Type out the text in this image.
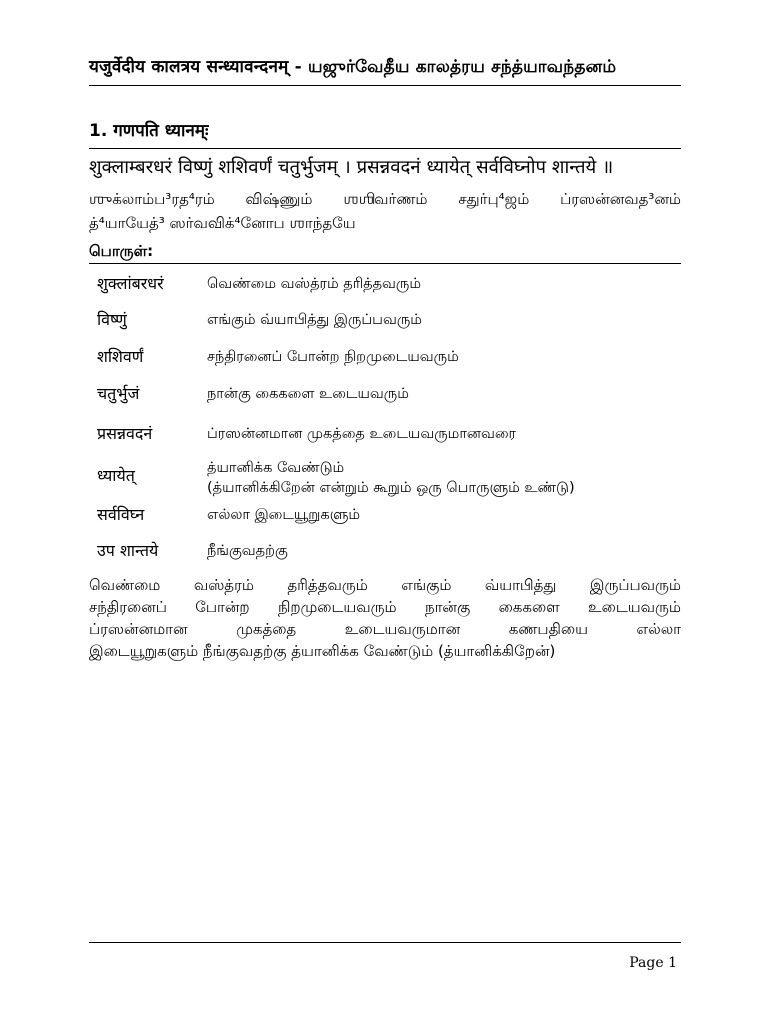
यजुर्वेदीय कालत्रय सन्ध्यावन्दनम् - யஜுர்வேதீய காலத்ரய சந்த்யாவந்தனம்
1. गणपति ध्यानम्ः
शुक्लाम्बरधरं विष्णुं शशिवर्णं चतुर्भुजम् । प्रसन्नवदनं ध्यायेत् सर्वविघ्नोप शान्तये ॥
ஶுக்லாம்ப³ரத⁴ரம் விஷ்ணும் ஶஶிவர்ணம் சதுர்பு⁴ஜம் ப்ரஸன்னவத³னம்
த்⁴யாயேத்³ ஸர்வவிக்⁴னோப ஶாந்தயே
பொருள்:
शुक्लांबरधरं	வெண்மை வஸ்த்ரம் தரித்தவரும்
विष्णुं	எங்கும் வ்யாபித்து இருப்பவரும்
शशिवर्णं	சந்திரனைப் போன்ற நிறமுடையவரும்
चतुर्भुजं	நான்கு கைகளை உடையவரும்
प्रसन्नवदनं	ப்ரஸன்னமான முகத்தை உடையவருமானவரை
ध्यायेत्	த்யானிக்க வேண்டும்
(த்யானிக்கிறேன் என்றும் கூறும் ஒரு பொருளும் உண்டு)
सर्वविघ्न	எல்லா இடையூறுகளும்
उप शान्तये	நீங்குவதற்கு
வெண்மை வஸ்த்ரம் தரித்தவரும் எங்கும் வ்யாபித்து இருப்பவரும்
சந்திரனைப் போன்ற நிறமுடையவரும் நான்கு கைகளை உடையவரும்
ப்ரஸன்னமான முகத்தை உடையவருமான கணபதியை எல்லா
இடையூறுகளும் நீங்குவதற்கு த்யானிக்க வேண்டும் (த்யானிக்கிறேன்)
Page 1
